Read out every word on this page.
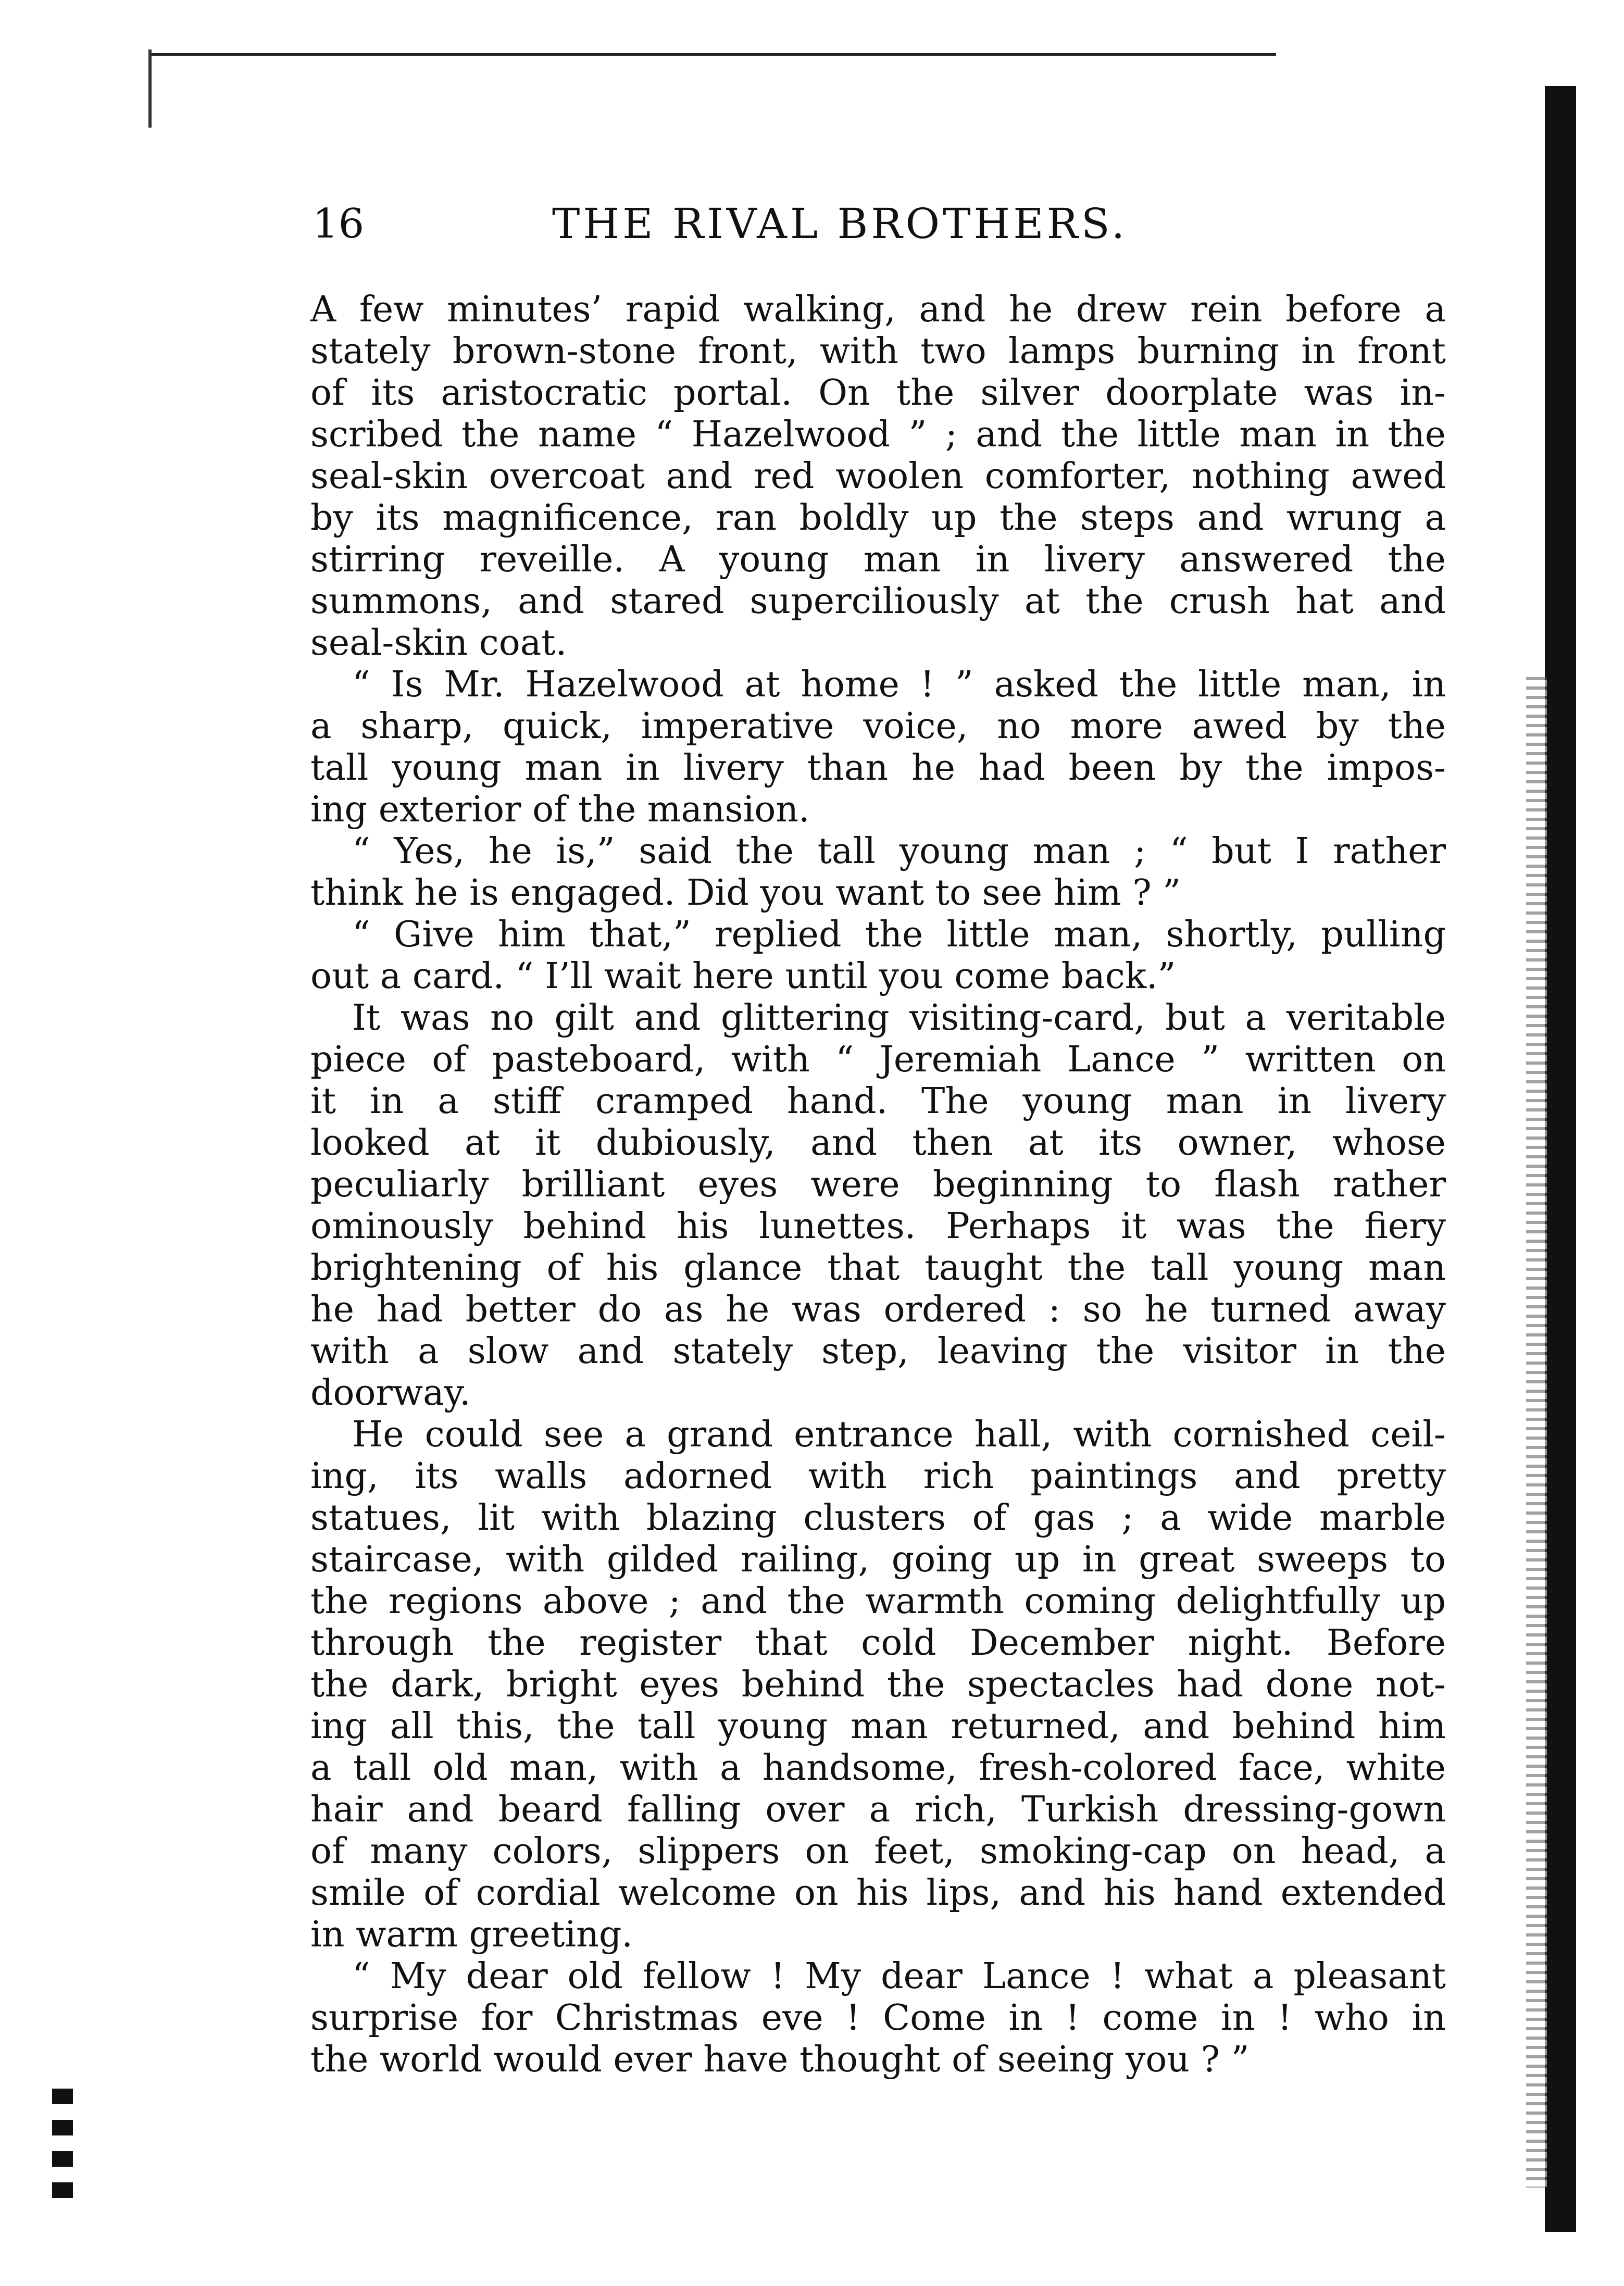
16	THE RIVAL BROTHERS.
A few minutes’ rapid walking, and he drew rein before a
stately brown-stone front, with two lamps burning in front
of its aristocratic portal. On the silver doorplate was in-
scribed the name “ Hazelwood ” ; and the little man in the
seal-skin overcoat and red woolen comforter, nothing awed
by its magnificence, ran boldly up the steps and wrung a
stirring reveille. A young man in livery answered the
summons, and stared superciliously at the crush hat and
seal-skin coat.
“ Is Mr. Hazelwood at home ! ” asked the little man, in
a sharp, quick, imperative voice, no more awed by the
tall young man in livery than he had been by the impos-
ing exterior of the mansion.
“ Yes, he is,” said the tall young man ; “ but I rather
think he is engaged. Did you want to see him ? ”
“ Give him that,” replied the little man, shortly, pulling
out a card. “ I’ll wait here until you come back.”
It was no gilt and glittering visiting-card, but a veritable
piece of pasteboard, with “ Jeremiah Lance ” written on
it in a stiff cramped hand. The young man in livery
looked at it dubiously, and then at its owner, whose
peculiarly brilliant eyes were beginning to flash rather
ominously behind his lunettes. Perhaps it was the fiery
brightening of his glance that taught the tall young man
he had better do as he was ordered : so he turned away
with a slow and stately step, leaving the visitor in the
doorway.
He could see a grand entrance hall, with cornished ceil-
ing, its walls adorned with rich paintings and pretty
statues, lit with blazing clusters of gas ; a wide marble
staircase, with gilded railing, going up in great sweeps to
the regions above ; and the warmth coming delightfully up
through the register that cold December night. Before
the dark, bright eyes behind the spectacles had done not-
ing all this, the tall young man returned, and behind him
a tall old man, with a handsome, fresh-colored face, white
hair and beard falling over a rich, Turkish dressing-gown
of many colors, slippers on feet, smoking-cap on head, a
smile of cordial welcome on his lips, and his hand extended
in warm greeting.
“ My dear old fellow ! My dear Lance ! what a pleasant
surprise for Christmas eve ! Come in ! come in ! who in
the world would ever have thought of seeing you ? ”
